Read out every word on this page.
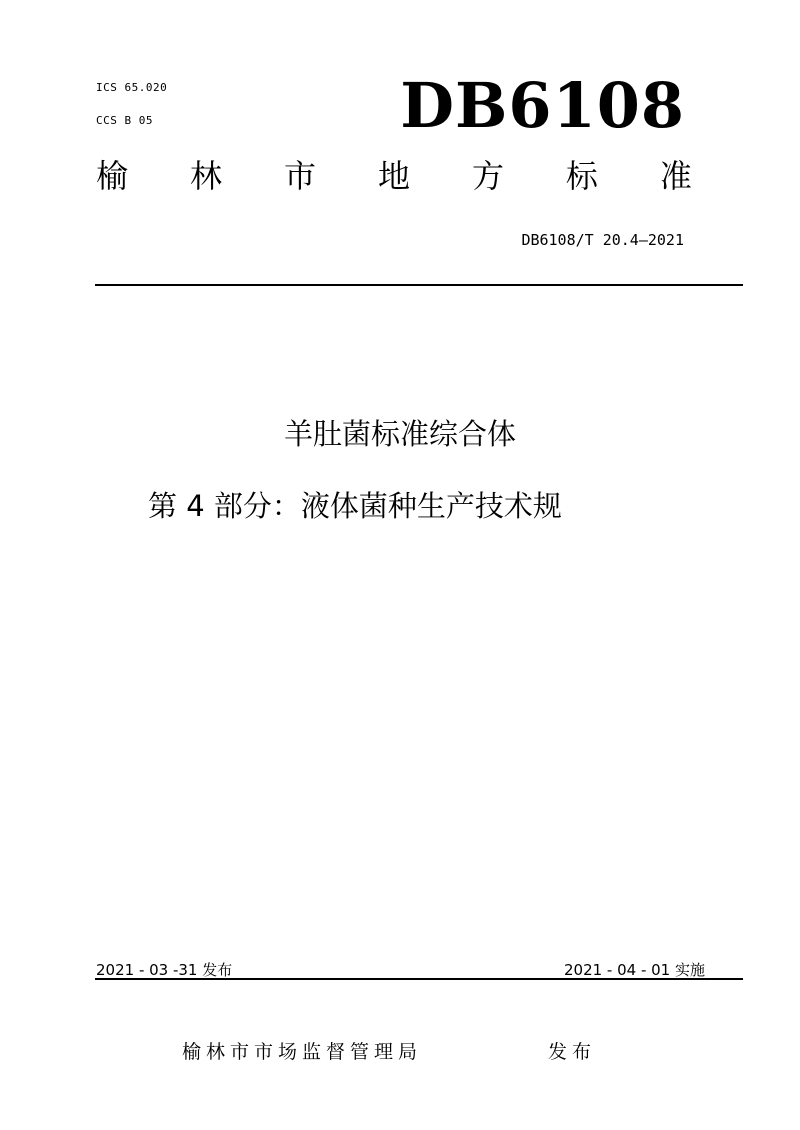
ICS 65.020
CCS B 05	DB6108
榆 林 市 地 方 标 准
DB6108/T 20.4—2021
羊肚菌标准综合体
第 4 部分：液体菌种生产技术规
2021 - 03 -31 发布	2021 - 04 - 01 实施
榆林市市场监督管理局	发布
